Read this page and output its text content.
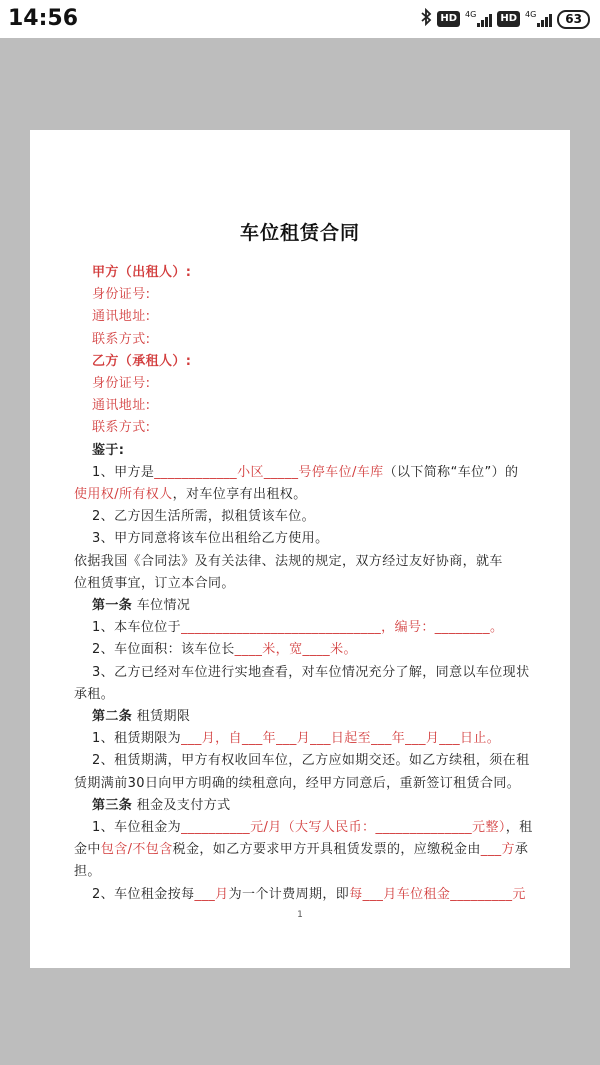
14:56	HD	4G	HD	4G	63
车位租赁合同
甲方（出租人）:
身份证号:
通讯地址:
联系方式:
乙方（承租人）:
身份证号:
通讯地址:
联系方式:
鉴于:
1、甲方是____________小区_____号停车位/车库（以下简称“车位”）的
使用权/所有权人，对车位享有出租权。
2、乙方因生活所需，拟租赁该车位。
3、甲方同意将该车位出租给乙方使用。
依据我国《合同法》及有关法律、法规的规定，双方经过友好协商，就车
位租赁事宜，订立本合同。
第一条 车位情况
1、本车位位于_____________________________，编号：________。
2、车位面积：该车位长____米，宽____米。
3、乙方已经对车位进行实地查看，对车位情况充分了解，同意以车位现状
承租。
第二条 租赁期限
1、租赁期限为___月，自___年___月___日起至___年___月___日止。
2、租赁期满，甲方有权收回车位，乙方应如期交还。如乙方续租，须在租
赁期满前30日向甲方明确的续租意向，经甲方同意后，重新签订租赁合同。
第三条 租金及支付方式
1、车位租金为__________元/月（大写人民币：______________元整），租
金中包含/不包含税金，如乙方要求甲方开具租赁发票的，应缴税金由___方承
担。
2、车位租金按每___月为一个计费周期，即每___月车位租金_________元
1
